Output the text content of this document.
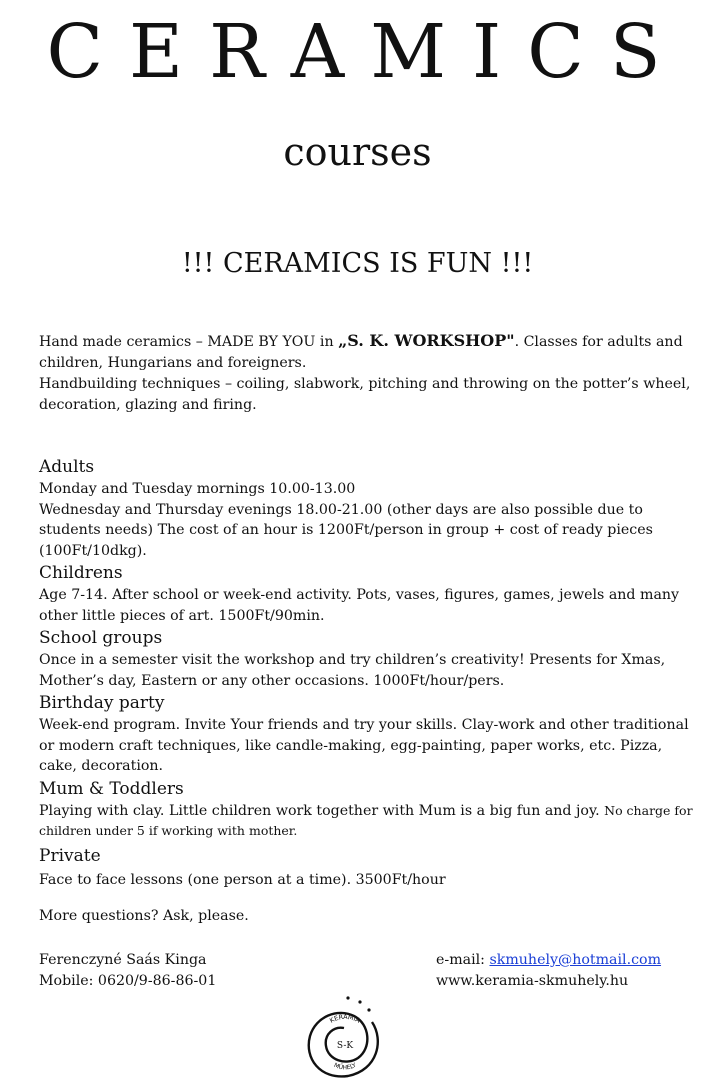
CERAMICS
courses
!!! CERAMICS IS FUN !!!

Hand made ceramics – MADE BY YOU in „S. K. WORKSHOP". Classes for adults and children, Hungarians and foreigners.

Handbuilding techniques – coiling, slabwork, pitching and throwing on the potter’s wheel, decoration, glazing and firing.

Adults

Monday and Tuesday mornings 10.00-13.00

Wednesday and Thursday evenings 18.00-21.00 (other days are also possible due to students needs) The cost of an hour is 1200Ft/person in group + cost of ready pieces (100Ft/10dkg).

Childrens

Age 7-14. After school or week-end activity. Pots, vases, figures, games, jewels and many other little pieces of art. 1500Ft/90min.

School groups

Once in a semester visit the workshop and try children’s creativity! Presents for Xmas, Mother’s day, Eastern or any other occasions. 1000Ft/hour/pers.

Birthday party

Week-end program. Invite Your friends and try your skills. Clay-work and other traditional or modern craft techniques, like candle-making, egg-painting, paper works, etc. Pizza, cake, decoration.

Mum & Toddlers

Playing with clay. Little children work together with Mum is a big fun and joy. No charge for children under 5 if working with mother.

Private

Face to face lessons (one person at a time). 3500Ft/hour

More questions? Ask, please.
Ferenczyné Saás Kinga
Mobile: 0620/9-86-86-01
e-mail: skmuhely@hotmail.com
www.keramia-skmuhely.hu
KERÁMIA
S-K
MŰHELY
